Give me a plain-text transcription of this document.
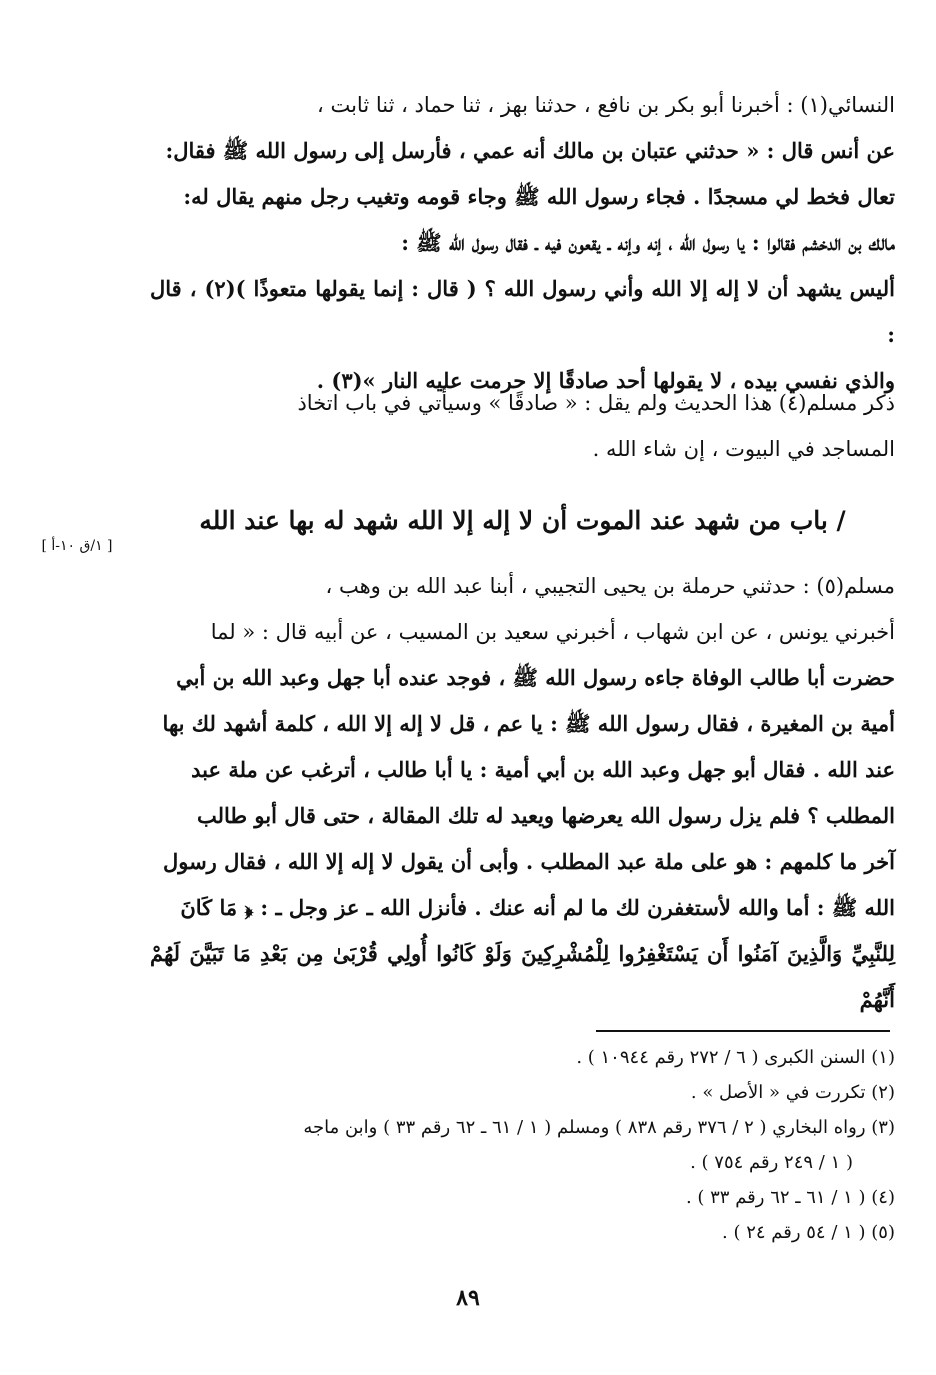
النسائي(١) : أخبرنا أبو بكر بن نافع ، حدثنا بهز ، ثنا حماد ، ثنا ثابت ،
عن أنس قال : « حدثني عتبان بن مالك أنه عمي ، فأرسل إلى رسول الله ﷺ فقال:
تعال فخط لي مسجدًا . فجاء رسول الله ﷺ وجاء قومه وتغيب رجل منهم يقال له:
مالك بن الدخشم فقالوا : يا رسول الله ، إنه وإنه ـ يقعون فيه ـ فقال رسول الله ﷺ :
أليس يشهد أن لا إله إلا الله وأني رسول الله ؟ ( قال : إنما يقولها متعوذًا )(٢) ، قال :
والذي نفسي بيده ، لا يقولها أحد صادقًا إلا حرمت عليه النار »(٣) .
ذكر مسلم(٤) هذا الحديث ولم يقل : « صادقًا » وسيأتي في باب اتخاذ
المساجد في البيوت ، إن شاء الله .
/ باب من شهد عند الموت أن لا إله إلا الله شهد له بها عند الله
[ ١/ق ١٠-أ ]
مسلم(٥) : حدثني حرملة بن يحيى التجيبي ، أبنا عبد الله بن وهب ،
أخبرني يونس ، عن ابن شهاب ، أخبرني سعيد بن المسيب ، عن أبيه قال : « لما
حضرت أبا طالب الوفاة جاءه رسول الله ﷺ ، فوجد عنده أبا جهل وعبد الله بن أبي
أمية بن المغيرة ، فقال رسول الله ﷺ : يا عم ، قل لا إله إلا الله ، كلمة أشهد لك بها
عند الله . فقال أبو جهل وعبد الله بن أبي أمية : يا أبا طالب ، أترغب عن ملة عبد
المطلب ؟ فلم يزل رسول الله يعرضها ويعيد له تلك المقالة ، حتى قال أبو طالب
آخر ما كلمهم : هو على ملة عبد المطلب . وأبى أن يقول لا إله إلا الله ، فقال رسول
الله ﷺ : أما والله لأستغفرن لك ما لم أنه عنك . فأنزل الله ـ عز وجل ـ : ﴿ مَا كَانَ
لِلنَّبِيِّ وَالَّذِينَ آمَنُوا أَن يَسْتَغْفِرُوا لِلْمُشْرِكِينَ وَلَوْ كَانُوا أُولِي قُرْبَىٰ مِن بَعْدِ مَا تَبَيَّنَ لَهُمْ أَنَّهُمْ
(١) السنن الكبرى ( ٦ / ٢٧٢ رقم ١٠٩٤٤ ) .
(٢) تكررت في « الأصل » .
(٣) رواه البخاري ( ٢ / ٣٧٦ رقم ٨٣٨ ) ومسلم ( ١ / ٦١ ـ ٦٢ رقم ٣٣ ) وابن ماجه
( ١ / ٢٤٩ رقم ٧٥٤ ) .
(٤) ( ١ / ٦١ ـ ٦٢ رقم ٣٣ ) .
(٥) ( ١ / ٥٤ رقم ٢٤ ) .
٨٩
